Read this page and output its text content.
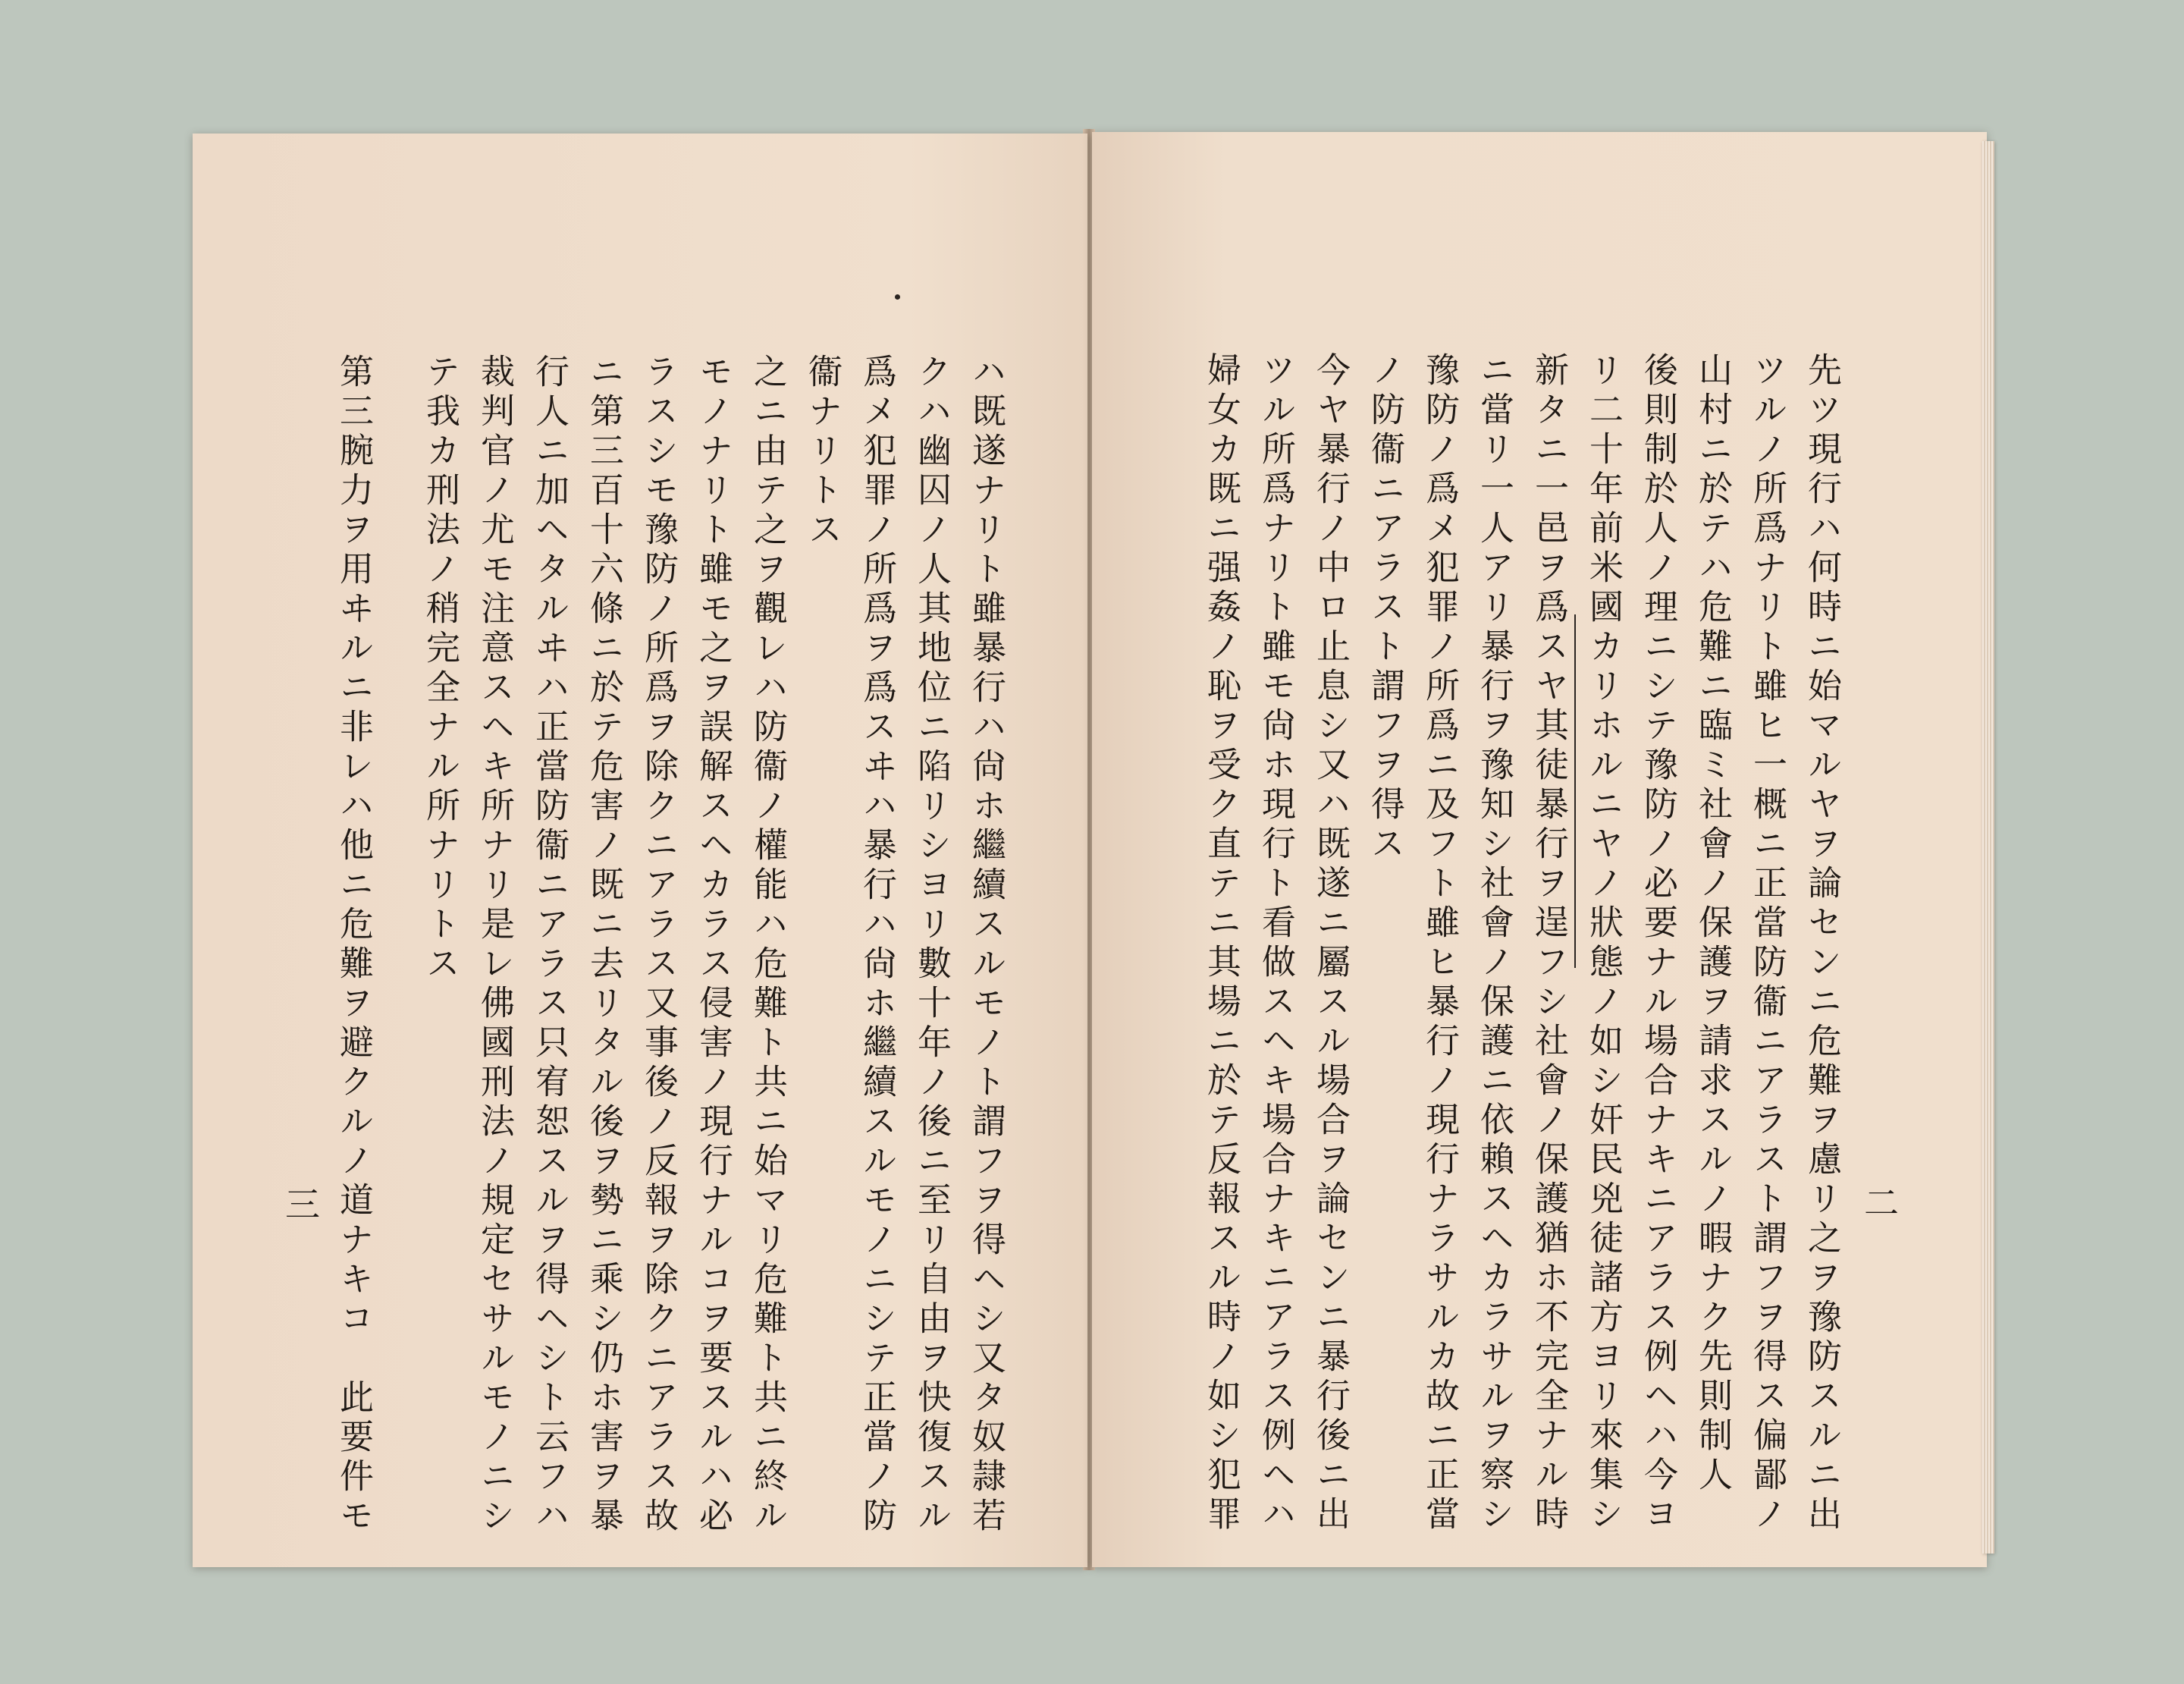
ハ既遂ナリト雖暴行ハ尙ホ繼續スルモノト謂フヲ得ヘシ又タ奴隷若
クハ幽囚ノ人其地位ニ陷リシヨリ數十年ノ後ニ至リ自由ヲ快復スル
爲メ犯罪ノ所爲ヲ爲スヰハ暴行ハ尙ホ繼續スルモノニシテ正當ノ防
衞ナリトス
之ニ由テ之ヲ觀レハ防衞ノ權能ハ危難ト共ニ始マリ危難ト共ニ終ル
モノナリト雖モ之ヲ誤解スヘカラス侵害ノ現行ナルコヲ要スルハ必
ラスシモ豫防ノ所爲ヲ除クニアラス又事後ノ反報ヲ除クニアラス故
ニ第三百十六條ニ於テ危害ノ既ニ去リタル後ヲ勢ニ乘シ仍ホ害ヲ暴
行人ニ加ヘタルヰハ正當防衞ニアラス只宥恕スルヲ得ヘシト云フハ
裁判官ノ尤モ注意スヘキ所ナリ是レ佛國刑法ノ規定セサルモノニシ
テ我カ刑法ノ稍完全ナル所ナリトス
第三腕力ヲ用ヰルニ非レハ他ニ危難ヲ避クルノ道ナキコ　此要件モ
三	先ツ現行ハ何時ニ始マルヤヲ論センニ危難ヲ慮リ之ヲ豫防スルニ出
ツルノ所爲ナリト雖ヒ一概ニ正當防衞ニアラスト謂フヲ得ス偏鄙ノ
山村ニ於テハ危難ニ臨ミ社會ノ保護ヲ請求スルノ暇ナク先則制人
後則制於人ノ理ニシテ豫防ノ必要ナル場合ナキニアラス例ヘハ今ヨ
リ二十年前米國カリホルニヤノ狀態ノ如シ奸民兇徒諸方ヨリ來集シ
新タニ一邑ヲ爲スヤ其徒暴行ヲ逞フシ社會ノ保護猶ホ不完全ナル時
ニ當リ一人アリ暴行ヲ豫知シ社會ノ保護ニ依賴スヘカラサルヲ察シ
豫防ノ爲メ犯罪ノ所爲ニ及フト雖ヒ暴行ノ現行ナラサルカ故ニ正當
ノ防衞ニアラスト謂フヲ得ス
今ヤ暴行ノ中ロ止息シ又ハ既遂ニ屬スル場合ヲ論センニ暴行後ニ出
ツル所爲ナリト雖モ尙ホ現行ト看做スヘキ場合ナキニアラス例ヘハ
婦女カ既ニ强姦ノ恥ヲ受ク直テニ其場ニ於テ反報スル時ノ如シ犯罪	二
